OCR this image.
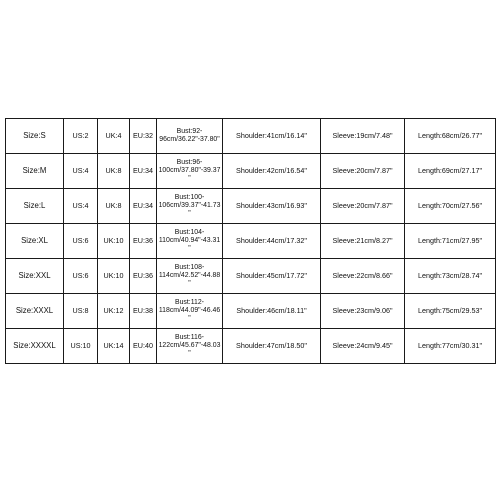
Size:S	US:2	UK:4	EU:32	Bust:92-96cm/36.22"-37.80"	Shoulder:41cm/16.14"	Sleeve:19cm/7.48"	Length:68cm/26.77"
Size:M	US:4	UK:8	EU:34	Bust:96-100cm/37.80"-39.37"	Shoulder:42cm/16.54"	Sleeve:20cm/7.87"	Length:69cm/27.17"
Size:L	US:4	UK:8	EU:34	Bust:100-106cm/39.37"-41.73"	Shoulder:43cm/16.93"	Sleeve:20cm/7.87"	Length:70cm/27.56"
Size:XL	US:6	UK:10	EU:36	Bust:104-110cm/40.94"-43.31"	Shoulder:44cm/17.32"	Sleeve:21cm/8.27"	Length:71cm/27.95"
Size:XXL	US:6	UK:10	EU:36	Bust:108-114cm/42.52"-44.88"	Shoulder:45cm/17.72"	Sleeve:22cm/8.66"	Length:73cm/28.74"
Size:XXXL	US:8	UK:12	EU:38	Bust:112-118cm/44.09"-46.46"	Shoulder:46cm/18.11"	Sleeve:23cm/9.06"	Length:75cm/29.53"
Size:XXXXL	US:10	UK:14	EU:40	Bust:116-122cm/45.67"-48.03"	Shoulder:47cm/18.50"	Sleeve:24cm/9.45"	Length:77cm/30.31"
